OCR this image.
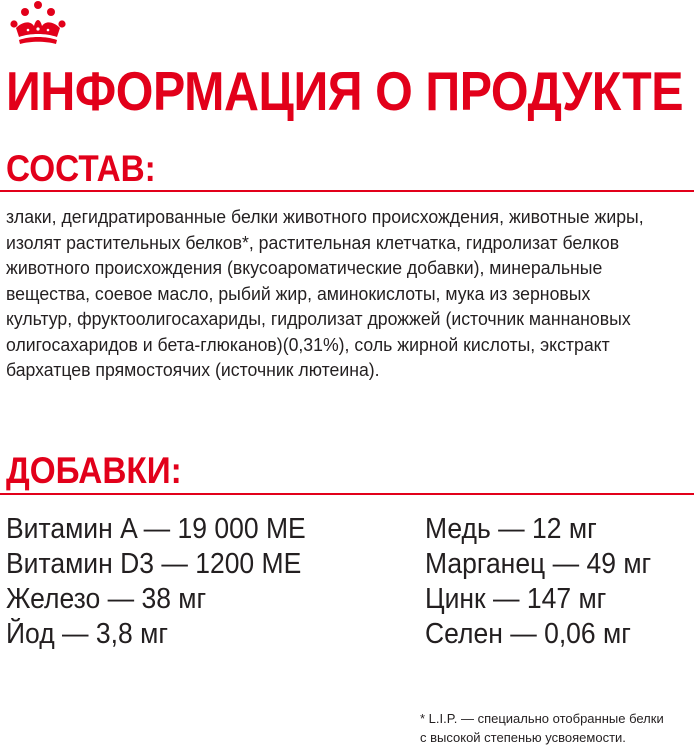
ИНФОРМАЦИЯ О ПРОДУКТЕ
СОСТАВ:

злаки, дегидратированные белки животного происхождения, животные жиры, изолят растительных белков*, растительная клетчатка, гидролизат белков животного происхождения (вкусоароматические добавки), минеральные вещества, соевое масло, рыбий жир, аминокислоты, мука из зерновых культур, фруктоолигосахариды, гидролизат дрожжей (источник маннановых олигосахаридов и бета-глюканов)(0,31%), соль жирной кислоты, экстракт бархатцев прямостоячих (источник лютеина).

ДОБАВКИ:
Витамин A — 19 000 МЕ
Витамин D3 — 1200 МЕ
Железо — 38 мг
Йод — 3,8 мг
Медь — 12 мг
Марганец — 49 мг
Цинк — 147 мг
Селен — 0,06 мг

* L.I.P. — специально отобранные белки
с высокой степенью усвояемости.
